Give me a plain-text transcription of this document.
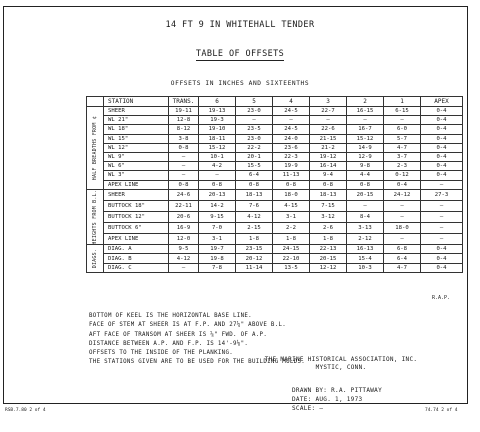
14 FT 9 IN WHITEHALL TENDER
TABLE OF OFFSETS
OFFSETS IN INCHES AND SIXTEENTHS
	STATION	TRANS.	6	5	4	3	2	1	APEX

HALF BREADTHS FROM ¢	SHEER	19-11	19-13	23-0	24-5	22-7	16-15	6-15	0-4
	WL 21"	12-8	19-3	—	—	—	—	—	0-4
	WL 18"	8-12	19-10	23-5	24-5	22-6	16-7	6-0	0-4
	WL 15"	3-8	18-11	23-0	24-0	21-15	15-12	5-7	0-4
	WL 12"	0-8	15-12	22-2	23-6	21-2	14-9	4-7	0-4
	WL 9"	—	10-1	20-1	22-3	19-12	12-9	3-7	0-4
	WL 6"	—	4-2	15-5	19-9	16-14	9-8	2-3	0-4
	WL 3"	—	—	6-4	11-13	9-4	4-4	0-12	0-4
	APEX LINE	0-8	0-8	0-8	0-8	0-8	0-8	0-4	—

HEIGHTS FROM B.L.	SHEER	24-6	20-13	18-13	18-0	18-13	20-15	24-12	27-3
	BUTTOCK 18"	22-11	14-2	7-6	4-15	7-15	—	—	—
	BUTTOCK 12"	20-6	9-15	4-12	3-1	3-12	8-4	—	—
	BUTTOCK 6"	16-9	7-0	2-15	2-2	2-6	3-13	18-0	—
	APEX LINE	12-0	3-1	1-8	1-8	1-8	2-12	—	—

DIAGS.	DIAG. A	9-5	19-7	23-15	24-15	22-13	16-13	6-8	0-4
	DIAG. B	4-12	19-8	20-12	22-10	20-15	15-4	6-4	0-4
	DIAG. C	—	7-8	11-14	13-5	12-12	10-3	4-7	0-4
R.A.P.
BOTTOM OF KEEL IS THE HORIZONTAL BASE LINE.
FACE OF STEM AT SHEER IS AT F.P. AND 27¼" ABOVE B.L.
AFT FACE OF TRANSOM AT SHEER IS ⅝" FWD. OF A.P.
DISTANCE BETWEEN A.P. AND F.P. IS 14'-9⅛".
OFFSETS TO THE INSIDE OF THE PLANKING.
THE STATIONS GIVEN ARE TO BE USED FOR THE BUILDING MOLDS.
THE MARINE HISTORICAL ASSOCIATION, INC.
MYSTIC, CONN.
DRAWN BY: R.A. PITTAWAY
DATE: AUG. 1, 1973
SCALE: —
RSB.7.80 2 of 4	74.74 2 of 4
